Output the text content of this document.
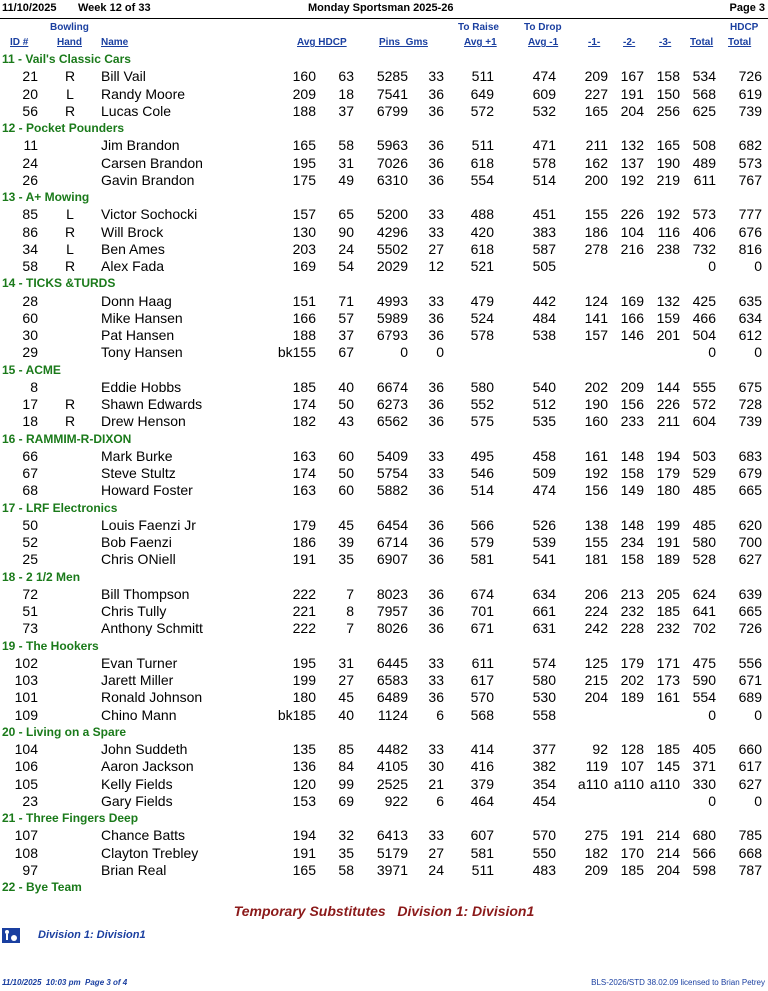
11/10/2025 Week 12 of 33	Monday Sportsman 2025-26	Page 3
Bowling
ID #	Hand Name	Avg HDCP	Pins  Gms
To Raise
Avg +1
To Drop
Avg -1	-1- -2- -3- Total
HDCP
Total
11 - Vail's Classic Cars
21	R	Bill Vail	160	63	5285	33	511	474	209 167 158 534	726
20	L	Randy Moore	209	18	7541	36	649	609	227 191 150 568	619
56	R	Lucas Cole	188	37	6799	36	572	532	165 204 256 625	739
12 - Pocket Pounders
11	Jim Brandon	165	58	5963	36	511	471	211 132 165 508	682
24	Carsen Brandon	195	31	7026	36	618	578	162 137 190 489	573
26	Gavin Brandon	175	49	6310	36	554	514	200 192 219 611	767
13 - A+ Mowing
85	L	Victor Sochocki	157	65	5200	33	488	451	155 226 192 573	777
86	R	Will Brock	130	90	4296	33	420	383	186 104 116 406	676
34	L	Ben Ames	203	24	5502	27	618	587	278 216 238 732	816
58	R	Alex Fada	169	54	2029	12	521	505	0	0
14 - TICKS &TURDS
28	Donn Haag	151	71	4993	33	479	442	124 169 132 425	635
60	Mike Hansen	166	57	5989	36	524	484	141 166 159 466	634
30	Pat Hansen	188	37	6793	36	578	538	157 146 201 504	612
29	Tony Hansen	bk155	67	0	0	0	0
15 - ACME
8	Eddie Hobbs	185	40	6674	36	580	540	202 209 144 555	675
17	R	Shawn Edwards	174	50	6273	36	552	512	190 156 226 572	728
18	R	Drew Henson	182	43	6562	36	575	535	160 233 211 604	739
16 - RAMMIM-R-DIXON
66	Mark Burke	163	60	5409	33	495	458	161 148 194 503	683
67	Steve Stultz	174	50	5754	33	546	509	192 158 179 529	679
68	Howard Foster	163	60	5882	36	514	474	156 149 180 485	665
17 - LRF Electronics
50	Louis Faenzi Jr	179	45	6454	36	566	526	138 148 199 485	620
52	Bob Faenzi	186	39	6714	36	579	539	155 234 191 580	700
25	Chris ONiell	191	35	6907	36	581	541	181 158 189 528	627
18 - 2 1/2 Men
72	Bill Thompson	222	7	8023	36	674	634	206 213 205 624	639
51	Chris Tully	221	8	7957	36	701	661	224 232 185 641	665
73	Anthony Schmitt	222	7	8026	36	671	631	242 228 232 702	726
19 - The Hookers
102	Evan Turner	195	31	6445	33	611	574	125 179 171 475	556
103	Jarett Miller	199	27	6583	33	617	580	215 202 173 590	671
101	Ronald Johnson	180	45	6489	36	570	530	204 189 161 554	689
109	Chino Mann	bk185	40	1124	6	568	558	0	0
20 - Living on a Spare
104	John Suddeth	135	85	4482	33	414	377	92 128 185 405	660
106	Aaron Jackson	136	84	4105	30	416	382	119 107 145 371	617
105	Kelly Fields	120	99	2525	21	379	354	a110 a110 a110 330	627
23	Gary Fields	153	69	922	6	464	454	0	0
21 - Three Fingers Deep
107	Chance Batts	194	32	6413	33	607	570	275 191 214 680	785
108	Clayton Trebley	191	35	5179	27	581	550	182 170 214 566	668
97	Brian Real	165	58	3971	24	511	483	209 185 204 598	787
22 - Bye Team
Temporary Substitutes   Division 1: Division1
Division 1: Division1
11/10/2025  10:03 pm  Page 3 of 4	BLS-2026/STD 38.02.09 licensed to Brian Petrey
